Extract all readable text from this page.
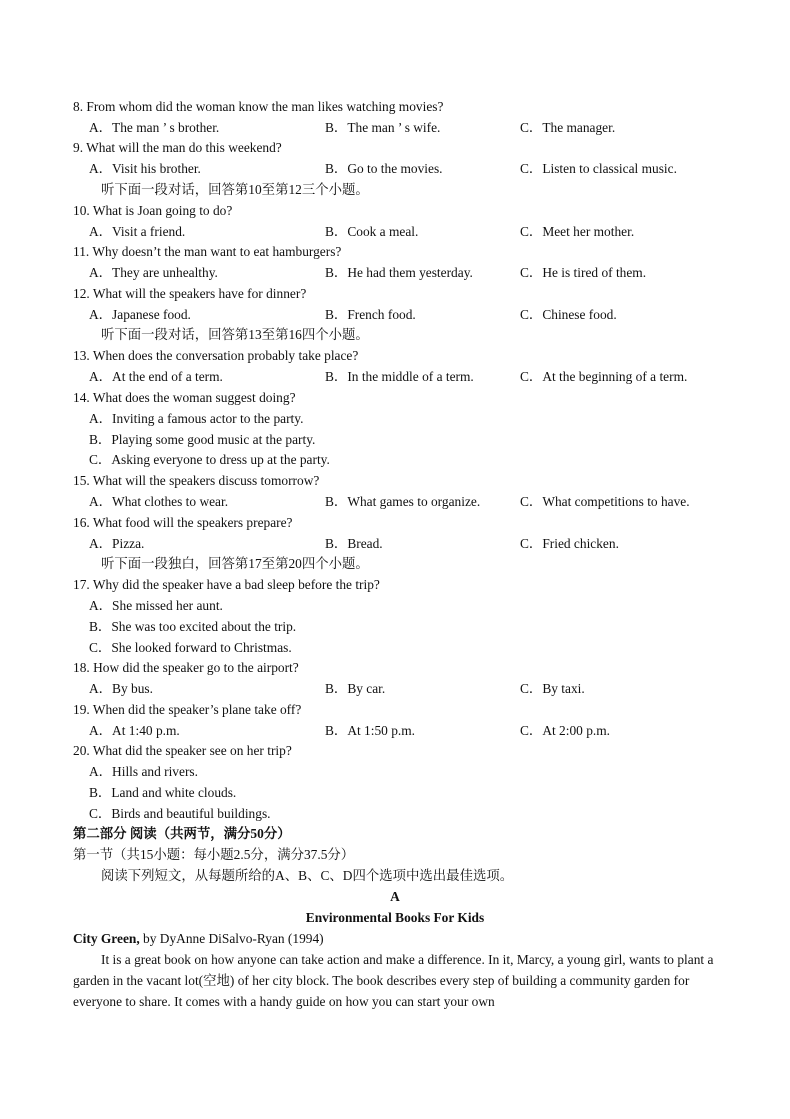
8. From whom did the woman know the man likes watching movies?
A．The man ’ s brother.	B．The man ’ s wife.	C．The manager.
9. What will the man do this weekend?
A．Visit his brother.	B．Go to the movies.	C．Listen to classical music.
听下面一段对话，回答第10至第12三个小题。
10. What is Joan going to do?
A．Visit a friend.	B．Cook a meal.	C．Meet her mother.
11. Why doesn’t the man want to eat hamburgers?
A．They are unhealthy.	B．He had them yesterday.	C．He is tired of them.
12. What will the speakers have for dinner?
A．Japanese food.	B．French food.	C．Chinese food.
听下面一段对话，回答第13至第16四个小题。
13. When does the conversation probably take place?
A．At the end of a term.	B．In the middle of a term.	C．At the beginning of a term.
14. What does the woman suggest doing?
A．Inviting a famous actor to the party.
B．Playing some good music at the party.
C．Asking everyone to dress up at the party.
15. What will the speakers discuss tomorrow?
A．What clothes to wear.	B．What games to organize.	C．What competitions to have.
16. What food will the speakers prepare?
A．Pizza.	B．Bread.	C．Fried chicken.
听下面一段独白，回答第17至第20四个小题。
17. Why did the speaker have a bad sleep before the trip?
A．She missed her aunt.
B．She was too excited about the trip.
C．She looked forward to Christmas.
18. How did the speaker go to the airport?
A．By bus.	B．By car.	C．By taxi.
19. When did the speaker’s plane take off?
A．At 1:40 p.m.	B．At 1:50 p.m.	C．At 2:00 p.m.
20. What did the speaker see on her trip?
A．Hills and rivers.
B．Land and white clouds.
C．Birds and beautiful buildings.
第二部分 阅读（共两节，满分50分）
第一节（共15小题：每小题2.5分，满分37.5分）
阅读下列短文，从每题所给的A、B、C、D四个选项中选出最佳选项。
A
Environmental Books For Kids
City Green, by DyAnne DiSalvo-Ryan (1994)
It is a great book on how anyone can take action and make a difference. In it, Marcy, a young girl, wants to plant a garden in the vacant lot(空地) of her city block. The book describes every step of building a community garden for everyone to share. It comes with a handy guide on how you can start your own
